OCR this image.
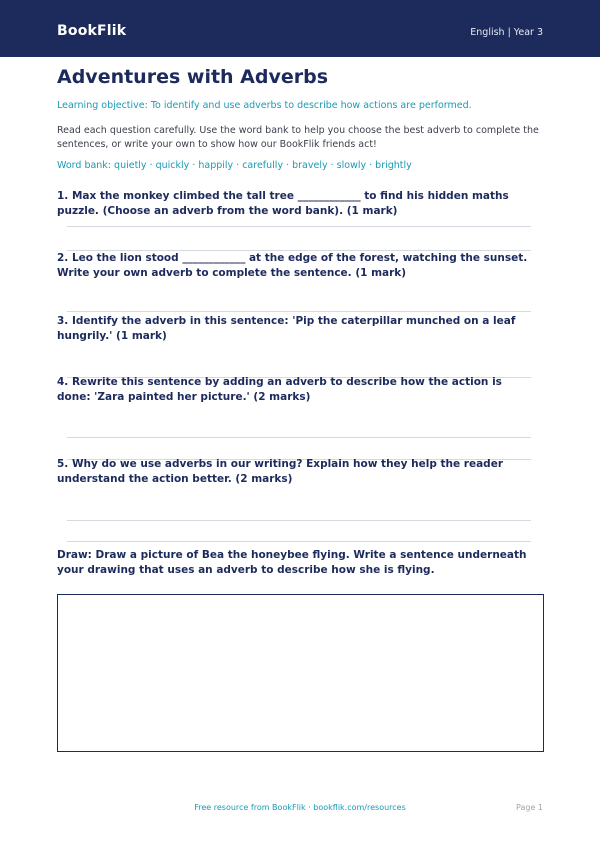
BookFlik	English | Year 3
Adventures with Adverbs
Learning objective: To identify and use adverbs to describe how actions are performed.
Read each question carefully. Use the word bank to help you choose the best adverb to complete the sentences, or write your own to show how our BookFlik friends act!
Word bank: quietly · quickly · happily · carefully · bravely · slowly · brightly

1. Max the monkey climbed the tall tree ____________ to find his hidden maths puzzle. (Choose an adverb from the word bank). (1 mark)

2. Leo the lion stood ____________ at the edge of the forest, watching the sunset. Write your own adverb to complete the sentence. (1 mark)

3. Identify the adverb in this sentence: 'Pip the caterpillar munched on a leaf hungrily.' (1 mark)

4. Rewrite this sentence by adding an adverb to describe how the action is done: 'Zara painted her picture.' (2 marks)

5. Why do we use adverbs in our writing? Explain how they help the reader understand the action better. (2 marks)

Draw: Draw a picture of Bea the honeybee flying. Write a sentence underneath your drawing that uses an adverb to describe how she is flying.

Free resource from BookFlik · bookflik.com/resources	Page 1
